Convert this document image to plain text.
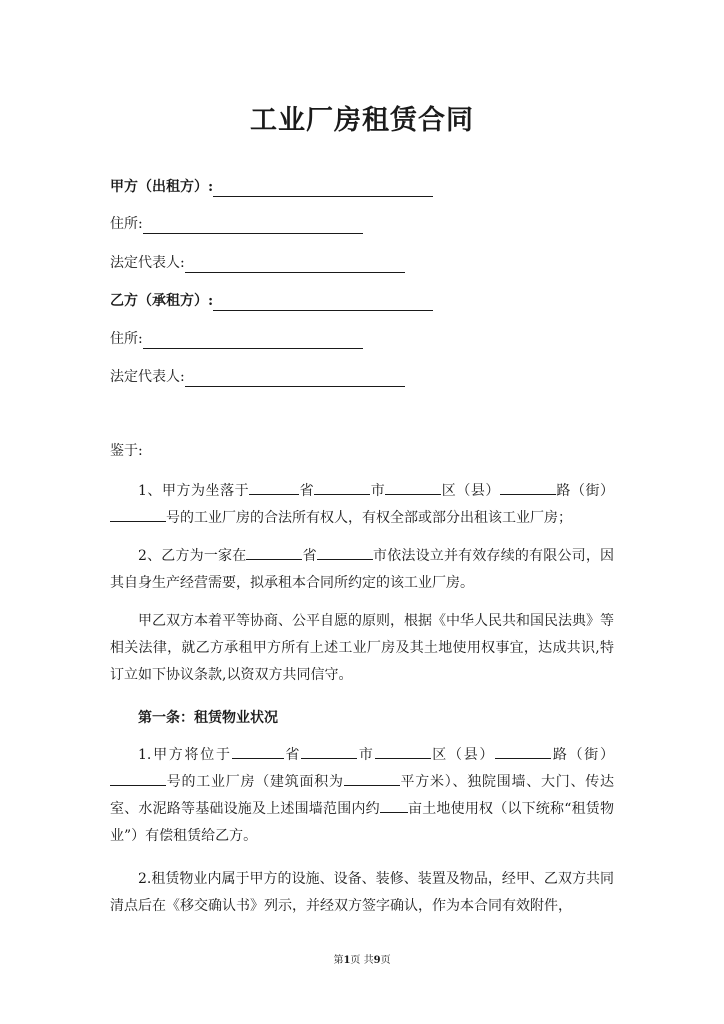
工业厂房租赁合同
甲方（出租方）:
住所:
法定代表人:
乙方（承租方）:
住所:
法定代表人:
鉴于:
1、甲方为坐落于	省	市	区（县）	路（街）号的工业厂房的合法所有权人，有权全部或部分出租该工业厂房；
2、乙方为一家在	省	市依法设立并有效存续的有限公司，因其自身生产经营需要，拟承租本合同所约定的该工业厂房。
甲乙双方本着平等协商、公平自愿的原则，根据《中华人民共和国民法典》等相关法律，就乙方承租甲方所有上述工业厂房及其土地使用权事宜，达成共识,特订立如下协议条款,以资双方共同信守。
第一条：租赁物业状况
1.甲方将位于	省	市	区（县）	路（街）号的工业厂房（建筑面积为	平方米）、独院围墙、大门、传达室、水泥路等基础设施及上述围墙范围内约 亩土地使用权（以下统称“租赁物业”）有偿租赁给乙方。
2.租赁物业内属于甲方的设施、设备、装修、装置及物品，经甲、乙双方共同清点后在《移交确认书》列示，并经双方签字确认，作为本合同有效附件，
第1页 共9页
